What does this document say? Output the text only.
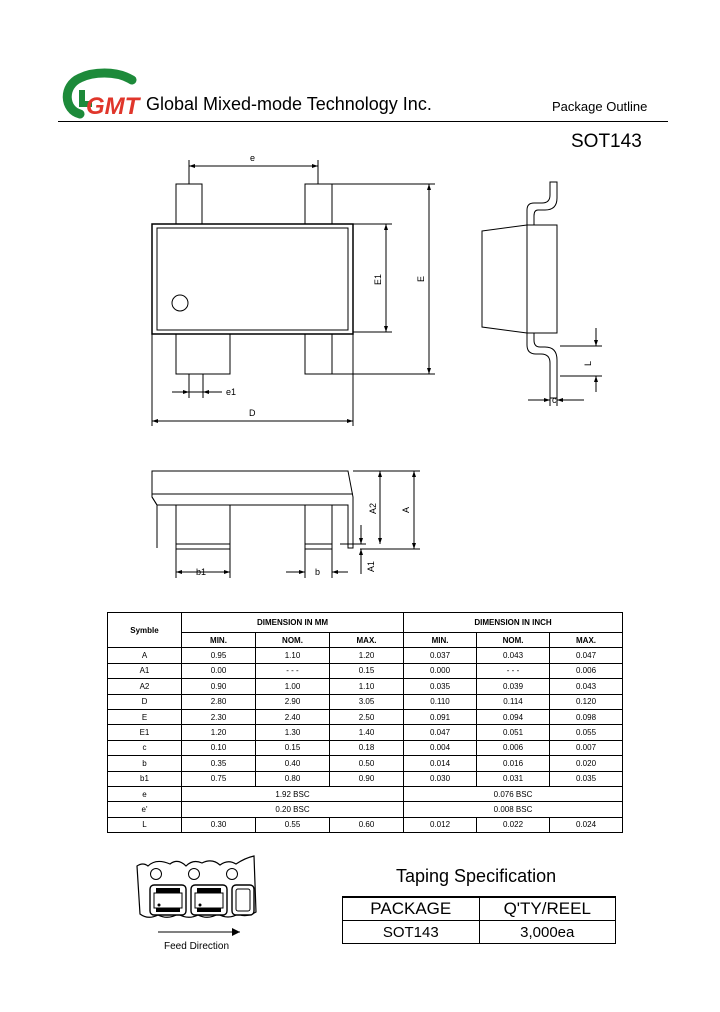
GMT Global Mixed-mode Technology Inc.	Package Outline
SOT143
e
e1
D
E1	E
L
c
A2	A
A1
b1	b
Symble	DIMENSION IN MM			DIMENSION IN INCH		
	MIN.	NOM.	MAX.	MIN.	NOM.	MAX.
A	0.95	1.10	1.20	0.037	0.043	0.047
A1	0.00	- - -	0.15	0.000	- - -	0.006
A2	0.90	1.00	1.10	0.035	0.039	0.043
D	2.80	2.90	3.05	0.110	0.114	0.120
E	2.30	2.40	2.50	0.091	0.094	0.098
E1	1.20	1.30	1.40	0.047	0.051	0.055
c	0.10	0.15	0.18	0.004	0.006	0.007
b	0.35	0.40	0.50	0.014	0.016	0.020
b1	0.75	0.80	0.90	0.030	0.031	0.035
e	1.92 BSC			0.076 BSC		
e'	0.20 BSC			0.008 BSC		
L	0.30	0.55	0.60	0.012	0.022	0.024
Feed Direction
Taping Specification
PACKAGE	Q'TY/REEL
SOT143	3,000ea
